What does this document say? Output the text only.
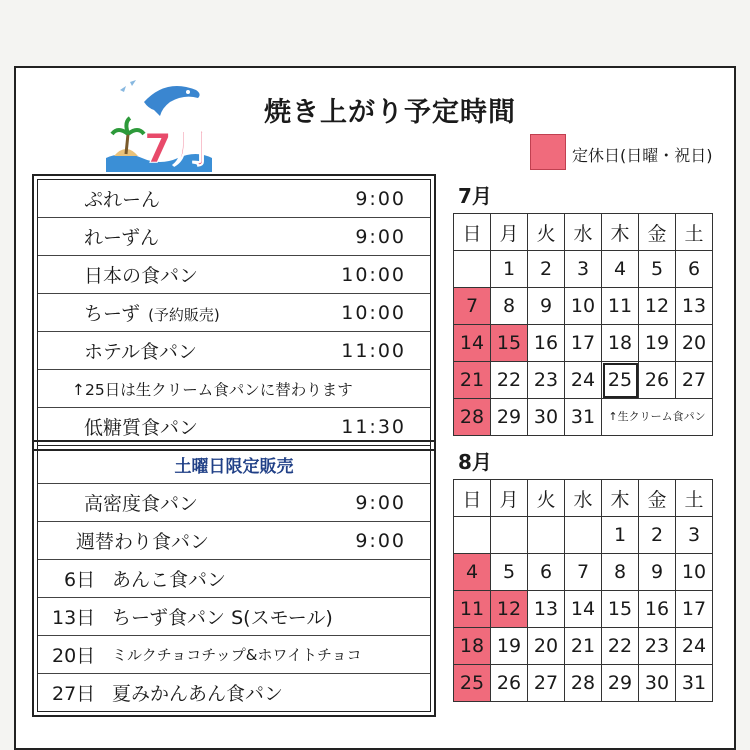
7月
焼き上がり予定時間
定休日(日曜・祝日)
ぷれーん	9:00
れーずん	9:00
日本の食パン	10:00
ちーず (予約販売)	10:00
ホテル食パン	11:00
↑25日は生クリーム食パンに替わります
低糖質食パン	11:30
土曜日限定販売
高密度食パン	9:00
週替わり食パン	9:00
6日 あんこ食パン
13日 ちーず食パン S(スモール)
20日 ミルクチョコチップ&ホワイトチョコ
27日 夏みかんあん食パン
7月
日	月	火	水	木	金	土
	1	2	3	4	5	6
7	8	9	10	11	12	13
14	15	16	17	18	19	20
21	22	23	24	25	26	27
28	29	30	31	↑生クリーム食パン		
8月
日	月	火	水	木	金	土
				1	2	3
4	5	6	7	8	9	10
11	12	13	14	15	16	17
18	19	20	21	22	23	24
25	26	27	28	29	30	31
